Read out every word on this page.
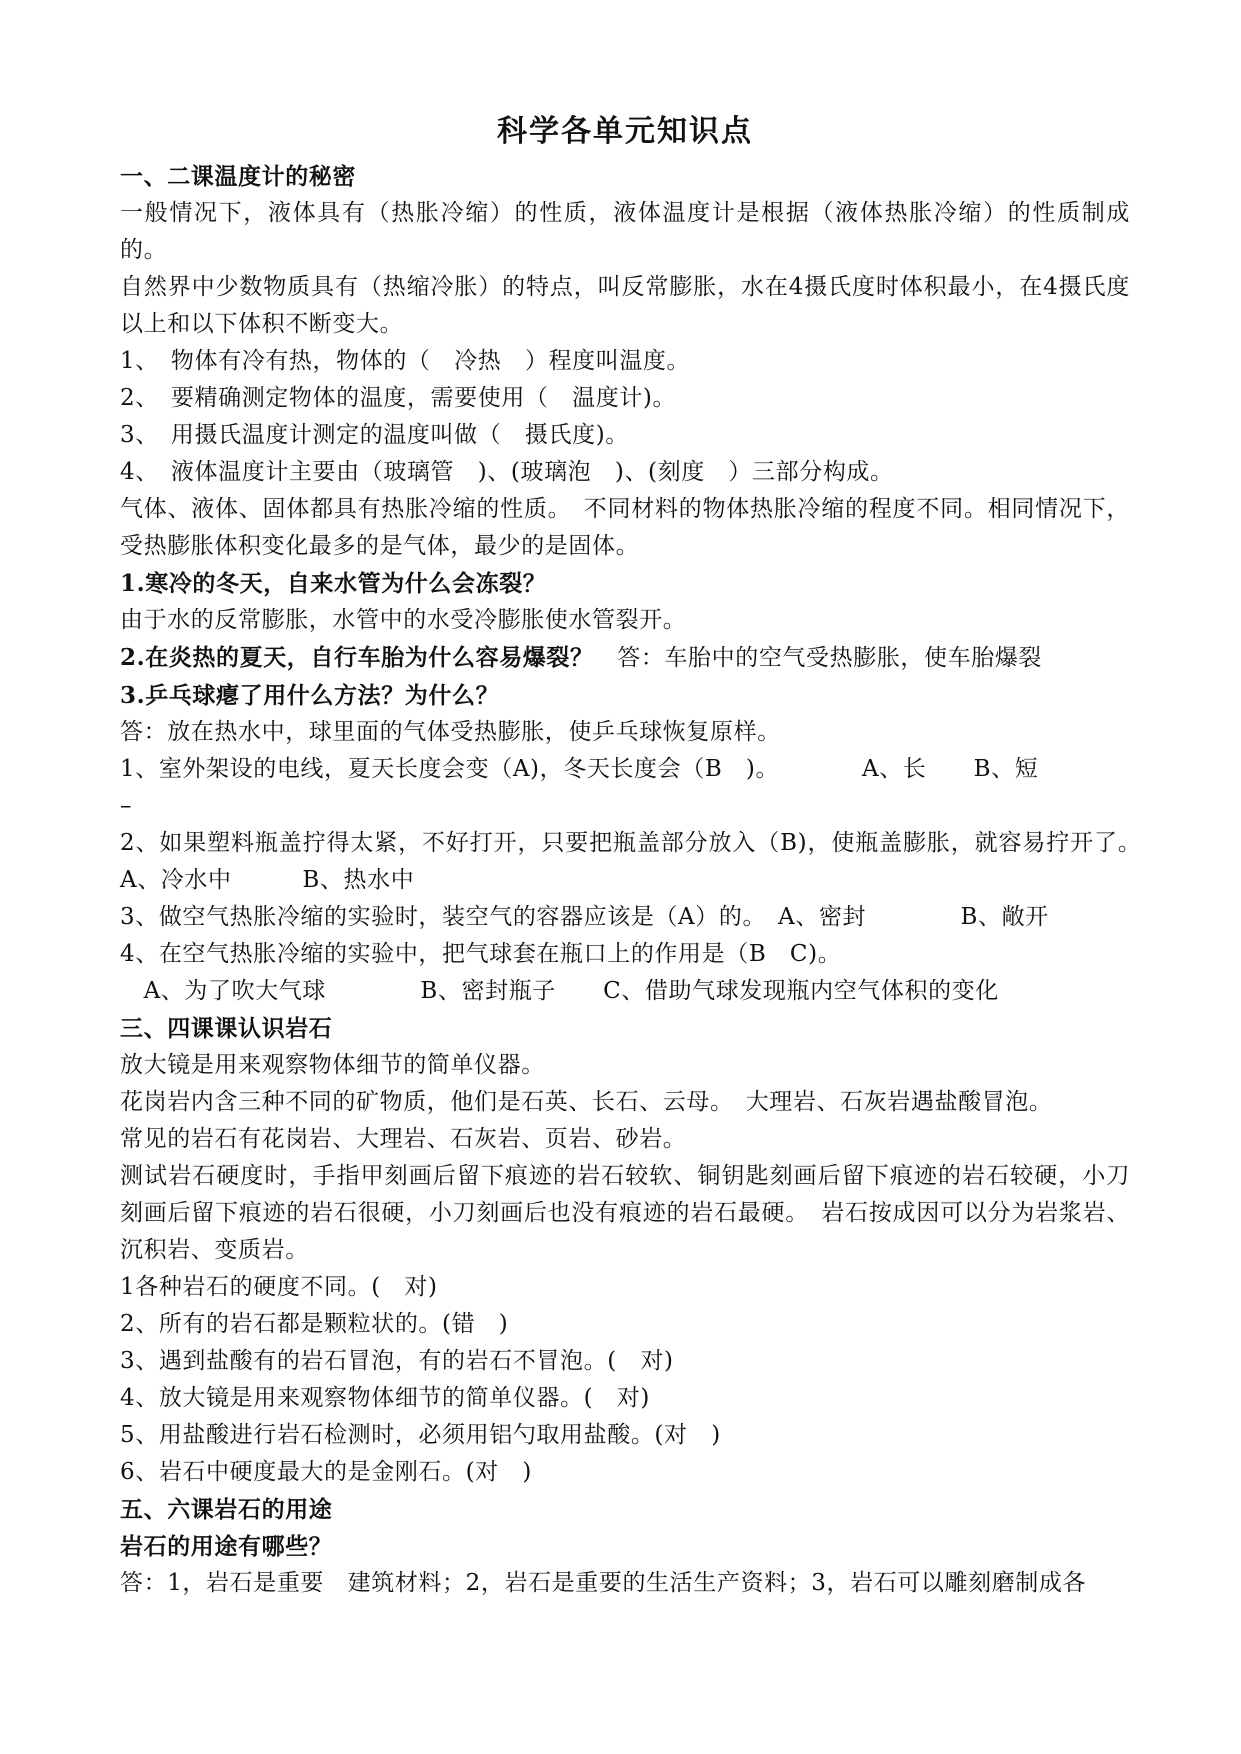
科学各单元知识点
一、二课温度计的秘密
一般情况下，液体具有（热胀冷缩）的性质，液体温度计是根据（液体热胀冷缩）的性质制成的。
自然界中少数物质具有（热缩冷胀）的特点，叫反常膨胀，水在4摄氏度时体积最小，在4摄氏度以上和以下体积不断变大。
1、　物体有冷有热，物体的（　冷热　）程度叫温度。
2、　要精确测定物体的温度，需要使用（　温度计)。
3、　用摄氏温度计测定的温度叫做（　摄氏度)。
4、　液体温度计主要由（玻璃管　)、(玻璃泡　)、(刻度　）三部分构成。
气体、液体、固体都具有热胀冷缩的性质。　不同材料的物体热胀冷缩的程度不同。相同情况下，受热膨胀体积变化最多的是气体，最少的是固体。
1.寒冷的冬天，自来水管为什么会冻裂？
由于水的反常膨胀，水管中的水受冷膨胀使水管裂开。
2.在炎热的夏天，自行车胎为什么容易爆裂？　答：车胎中的空气受热膨胀，使车胎爆裂
3.乒乓球瘪了用什么方法？为什么？
答：放在热水中，球里面的气体受热膨胀，使乒乓球恢复原样。
1、室外架设的电线，夏天长度会变（A)，冬天长度会（B　)。　　　　A、长　　B、短
–
2、如果塑料瓶盖拧得太紧，不好打开，只要把瓶盖部分放入（B)，使瓶盖膨胀，就容易拧开了。　A、冷水中　　　B、热水中
3、做空气热胀冷缩的实验时，装空气的容器应该是（A）的。　A、密封　　　　B、敞开
4、在空气热胀冷缩的实验中，把气球套在瓶口上的作用是（B　C)。
　A、为了吹大气球　　　　B、密封瓶子　　C、借助气球发现瓶内空气体积的变化
三、四课课认识岩石
放大镜是用来观察物体细节的简单仪器。
花岗岩内含三种不同的矿物质，他们是石英、长石、云母。　大理岩、石灰岩遇盐酸冒泡。
常见的岩石有花岗岩、大理岩、石灰岩、页岩、砂岩。
测试岩石硬度时，手指甲刻画后留下痕迹的岩石较软、铜钥匙刻画后留下痕迹的岩石较硬，小刀刻画后留下痕迹的岩石很硬，小刀刻画后也没有痕迹的岩石最硬。　岩石按成因可以分为岩浆岩、沉积岩、变质岩。
1各种岩石的硬度不同。(　对)
2、所有的岩石都是颗粒状的。(错　)
3、遇到盐酸有的岩石冒泡，有的岩石不冒泡。(　对)
4、放大镜是用来观察物体细节的简单仪器。(　对)
5、用盐酸进行岩石检测时，必须用铝勺取用盐酸。(对　)
6、岩石中硬度最大的是金刚石。(对　)
五、六课岩石的用途
岩石的用途有哪些？
答：1，岩石是重要　建筑材料；2，岩石是重要的生活生产资料；3，岩石可以雕刻磨制成各
